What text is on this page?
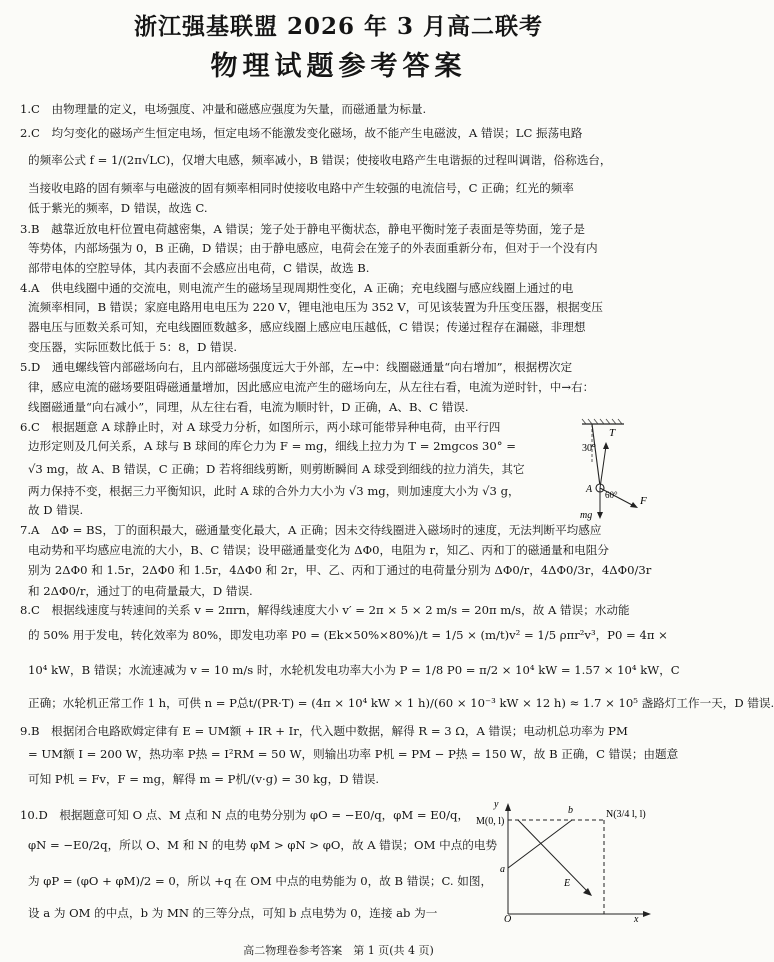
浙江强基联盟 2026 年 3 月高二联考
物理试题参考答案
1.C　由物理量的定义，电场强度、冲量和磁感应强度为矢量，而磁通量为标量.
2.C　均匀变化的磁场产生恒定电场，恒定电场不能激发变化磁场，故不能产生电磁波，A 错误；LC 振荡电路
的频率公式 f = 1/(2π√LC)，仅增大电感，频率减小，B 错误；使接收电路产生电谐振的过程叫调谐，俗称选台，
当接收电路的固有频率与电磁波的固有频率相同时使接收电路中产生较强的电流信号，C 正确；红光的频率
低于紫光的频率，D 错误，故选 C.
3.B　越靠近放电杆位置电荷越密集，A 错误；笼子处于静电平衡状态，静电平衡时笼子表面是等势面，笼子是
等势体，内部场强为 0，B 正确，D 错误；由于静电感应，电荷会在笼子的外表面重新分布，但对于一个没有内
部带电体的空腔导体，其内表面不会感应出电荷，C 错误，故选 B.
4.A　供电线圈中通的交流电，则电流产生的磁场呈现周期性变化，A 正确；充电线圈与感应线圈上通过的电
流频率相同，B 错误；家庭电路用电电压为 220 V，锂电池电压为 352 V，可见该装置为升压变压器，根据变压
器电压与匝数关系可知，充电线圈匝数越多，感应线圈上感应电压越低，C 错误；传递过程存在漏磁，非理想
变压器，实际匝数比低于 5：8，D 错误.
5.D　通电螺线管内部磁场向右，且内部磁场强度远大于外部，左→中：线圈磁通量“向右增加”，根据楞次定
律，感应电流的磁场要阻碍磁通量增加，因此感应电流产生的磁场向左，从左往右看，电流为逆时针，中→右：
线圈磁通量“向右减小”，同理，从左往右看，电流为顺时针，D 正确，A、B、C 错误.
6.C　根据题意 A 球静止时，对 A 球受力分析，如图所示，两小球可能带异种电荷，由平行四
边形定则及几何关系，A 球与 B 球间的库仑力为 F = mg，细线上拉力为 T = 2mgcos 30° =
√3 mg，故 A、B 错误，C 正确；D 若将细线剪断，则剪断瞬间 A 球受到细线的拉力消失，其它
两力保持不变，根据三力平衡知识，此时 A 球的合外力大小为 √3 mg，则加速度大小为 √3 g，
故 D 错误.
7.A　ΔΦ = BS，丁的面积最大，磁通量变化最大，A 正确；因未交待线圈进入磁场时的速度，无法判断平均感应
电动势和平均感应电流的大小，B、C 错误；设甲磁通量变化为 ΔΦ0，电阻为 r，知乙、丙和丁的磁通量和电阻分
别为 2ΔΦ0 和 1.5r，2ΔΦ0 和 1.5r，4ΔΦ0 和 2r，甲、乙、丙和丁通过的电荷量分别为 ΔΦ0/r，4ΔΦ0/3r，4ΔΦ0/3r
和 2ΔΦ0/r，通过丁的电荷量最大，D 错误.
8.C　根据线速度与转速间的关系 v = 2πrn，解得线速度大小 v′ = 2π × 5 × 2 m/s = 20π m/s，故 A 错误；水动能
的 50% 用于发电，转化效率为 80%，即发电功率 P0 = (Ek×50%×80%)/t = 1/5 × (m/t)v² = 1/5 ρπr²v³，P0 = 4π ×
10⁴ kW，B 错误；水流速减为 v = 10 m/s 时，水轮机发电功率大小为 P = 1/8 P0 = π/2 × 10⁴ kW = 1.57 × 10⁴ kW，C
正确；水轮机正常工作 1 h，可供 n = P总t/(PR·T) = (4π × 10⁴ kW × 1 h)/(60 × 10⁻³ kW × 12 h) ≈ 1.7 × 10⁵ 盏路灯工作一天，D 错误.
9.B　根据闭合电路欧姆定律有 E = UM额 + IR + Ir，代入题中数据，解得 R = 3 Ω，A 错误；电动机总功率为 PM
= UM额 I = 200 W，热功率 P热 = I²RM = 50 W，则输出功率 P机 = PM − P热 = 150 W，故 B 正确，C 错误；由题意
可知 P机 = Fv，F = mg，解得 m = P机/(v·g) = 30 kg，D 错误.
10.D　根据题意可知 O 点、M 点和 N 点的电势分别为 φO = −E0/q，φM = E0/q，
φN = −E0/2q，所以 O、M 和 N 的电势 φM > φN > φO，故 A 错误；OM 中点的电势
为 φP = (φO + φM)/2 = 0，所以 +q 在 OM 中点的电势能为 0，故 B 错误；C. 如图，
设 a 为 OM 的中点，b 为 MN 的三等分点，可知 b 点电势为 0，连接 ab 为一
30°
T
60°
A
F
mg
y
x
O
M(0, l)
N(3/4 l, l)
b
a
E
高二物理卷参考答案　第 1 页(共 4 页)
